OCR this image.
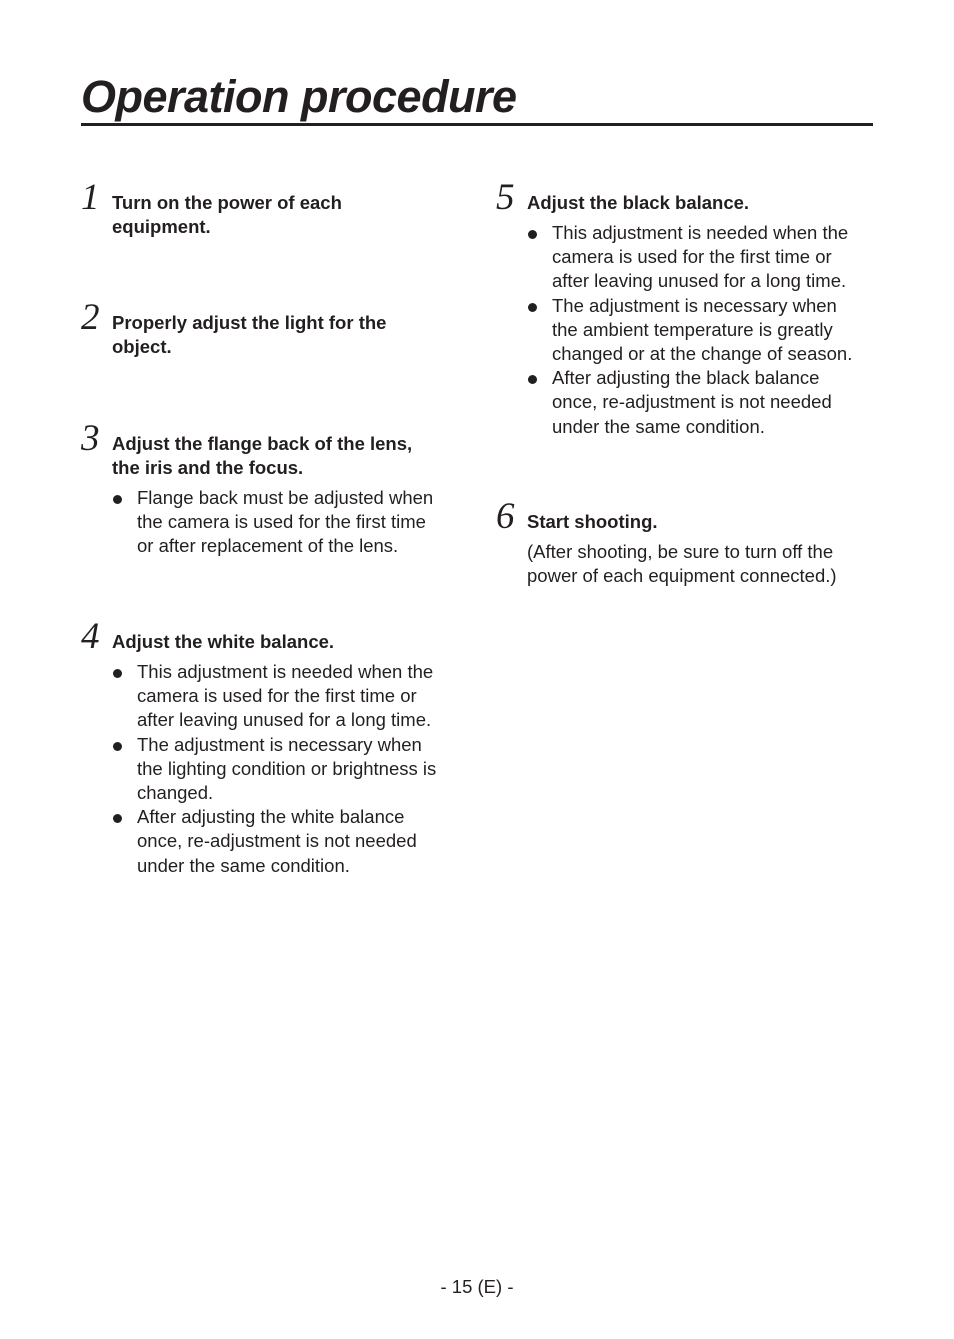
Operation procedure
1 Turn on the power of each
equipment.
2 Properly adjust the light for the
object.
3 Adjust the flange back of the lens,
the iris and the focus.
Flange back must be adjusted when
the camera is used for the first time
or after replacement of the lens.
4 Adjust the white balance.
This adjustment is needed when the
camera is used for the first time or
after leaving unused for a long time.
The adjustment is necessary when
the lighting condition or brightness is
changed.
After adjusting the white balance
once, re-adjustment is not needed
under the same condition.
5 Adjust the black balance.
This adjustment is needed when the
camera is used for the first time or
after leaving unused for a long time.
The adjustment is necessary when
the ambient temperature is greatly
changed or at the change of season.
After adjusting the black balance
once, re-adjustment is not needed
under the same condition.
6 Start shooting.
(After shooting, be sure to turn off the
power of each equipment connected.)
- 15 (E) -
